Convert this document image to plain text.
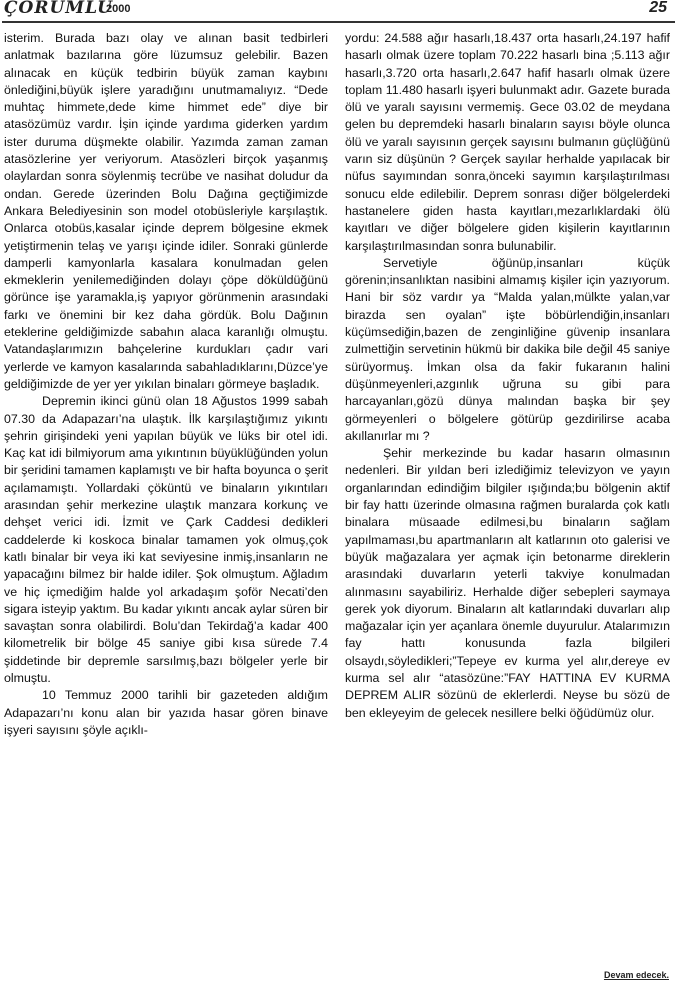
ÇORUMLU
2000	25

isterim. Burada bazı olay ve alınan basit tedbirleri anlatmak bazılarına göre lüzumsuz gelebilir. Bazen alınacak en küçük tedbirin büyük zaman kaybını önlediğini,büyük işlere yaradığını unutmamalıyız. “Dede muhtaç himmete,dede kime himmet ede” diye bir atasözümüz vardır. İşin içinde yardıma giderken yardım ister duruma düşmekte olabilir. Yazımda zaman zaman atasözlerine yer veriyorum. Atasözleri birçok yaşanmış olaylardan sonra söylenmiş tecrübe ve nasihat doludur da ondan. Gerede üzerinden Bolu Dağına geçtiğimizde Ankara Belediyesinin son model otobüsleriyle karşılaştık. Onlarca otobüs,kasalar içinde deprem bölgesine ekmek yetiştirmenin telaş ve yarışı içinde idiler. Sonraki günlerde damperli kamyonlarla kasalara konulmadan gelen ekmeklerin yenilemediğinden dolayı çöpe döküldüğünü görünce işe yaramakla,iş yapıyor görünmenin arasındaki farkı ve önemini bir kez daha gördük. Bolu Dağının eteklerine geldiğimizde sabahın alaca karanlığı olmuştu. Vatandaşlarımızın bahçelerine kurdukları çadır vari yerlerde ve kamyon kasalarında sabahladıklarını,Düzce’ye geldiğimizde de yer yer yıkılan binaları görmeye başladık.

Depremin ikinci günü olan 18 Ağustos 1999 sabah 07.30 da Adapazarı’na ulaştık. İlk karşılaştığımız yıkıntı şehrin girişindeki yeni yapılan büyük ve lüks bir otel idi. Kaç kat idi bilmiyorum ama yıkıntının büyüklüğünden yolun bir şeridini tamamen kaplamıştı ve bir hafta boyunca o şerit açılamamıştı. Yollardaki çöküntü ve binaların yıkıntıları arasından şehir merkezine ulaştık manzara korkunç ve dehşet verici idi. İzmit ve Çark Caddesi dedikleri caddelerde ki koskoca binalar tamamen yok olmuş,çok katlı binalar bir veya iki kat seviyesine inmiş,insanların ne yapacağını bilmez bir halde idiler. Şok olmuştum. Ağladım ve hiç içmediğim halde yol arkadaşım şoför Necati’den sigara isteyip yaktım. Bu kadar yıkıntı ancak aylar süren bir savaştan sonra olabilirdi. Bolu’dan Tekirdağ’a kadar 400 kilometrelik bir bölge 45 saniye gibi kısa sürede 7.4 şiddetinde bir depremle sarsılmış,bazı bölgeler yerle bir olmuştu.

10 Temmuz 2000 tarihli bir gazeteden aldığım Adapazarı’nı konu alan bir yazıda hasar gören binave işyeri sayısını şöyle açıklı-

yordu: 24.588 ağır hasarlı,18.437 orta hasarlı,24.197 hafif hasarlı olmak üzere toplam 70.222 hasarlı bina ;5.113 ağır hasarlı,3.720 orta hasarlı,2.647 hafif hasarlı olmak üzere toplam 11.480 hasarlı işyeri bulunmakt adır. Gazete burada ölü ve yaralı sayısını vermemiş. Gece 03.02 de meydana gelen bu depremdeki hasarlı binaların sayısı böyle olunca ölü ve yaralı sayısının gerçek sayısını bulmanın güçlüğünü varın siz düşünün ? Gerçek sayılar herhalde yapılacak bir nüfus sayımından sonra,önceki sayımın karşılaştırılması sonucu elde edilebilir. Deprem sonrası diğer bölgelerdeki hastanelere giden hasta kayıtları,mezarlıklardaki ölü kayıtları ve diğer bölgelere giden kişilerin kayıtlarının karşılaştırılmasından sonra bulunabilir.

Servetiyle öğünüp,insanları küçük görenin;insanlıktan nasibini almamış kişiler için yazıyorum. Hani bir söz vardır ya “Malda yalan,mülkte yalan,var birazda sen oyalan” işte böbürlendiğin,insanları küçümsediğin,bazen de zenginliğine güvenip insanlara zulmettiğin servetinin hükmü bir dakika bile değil 45 saniye sürüyormuş. İmkan olsa da fakir fukaranın halini düşünmeyenleri,azgınlık uğruna su gibi para harcayanları,gözü dünya malından başka bir şey görmeyenleri o bölgelere götürüp gezdirilirse acaba akıllanırlar mı ?

Şehir merkezinde bu kadar hasarın olmasının nedenleri. Bir yıldan beri izlediğimiz televizyon ve yayın organlarından edindiğim bilgiler ışığında;bu bölgenin aktif bir fay hattı üzerinde olmasına rağmen buralarda çok katlı binalara müsaade edilmesi,bu binaların sağlam yapılmaması,bu apartmanların alt katlarının oto galerisi ve büyük mağazalara yer açmak için betonarme direklerin arasındaki duvarların yeterli takviye konulmadan alınmasını sayabiliriz. Herhalde diğer sebepleri saymaya gerek yok diyorum. Binaların alt katlarındaki duvarları alıp mağazalar için yer açanlara önemle duyurulur. Atalarımızın fay hattı konusunda fazla bilgileri olsaydı,söyledikleri;”Tepeye ev kurma yel alır,dereye ev kurma sel alır “atasözüne:”FAY HATTINA EV KURMA DEPREM ALIR sözünü de eklerlerdi. Neyse bu sözü de ben ekleyeyim de gelecek nesillere belki öğüdümüz olur.

Devam edecek.
